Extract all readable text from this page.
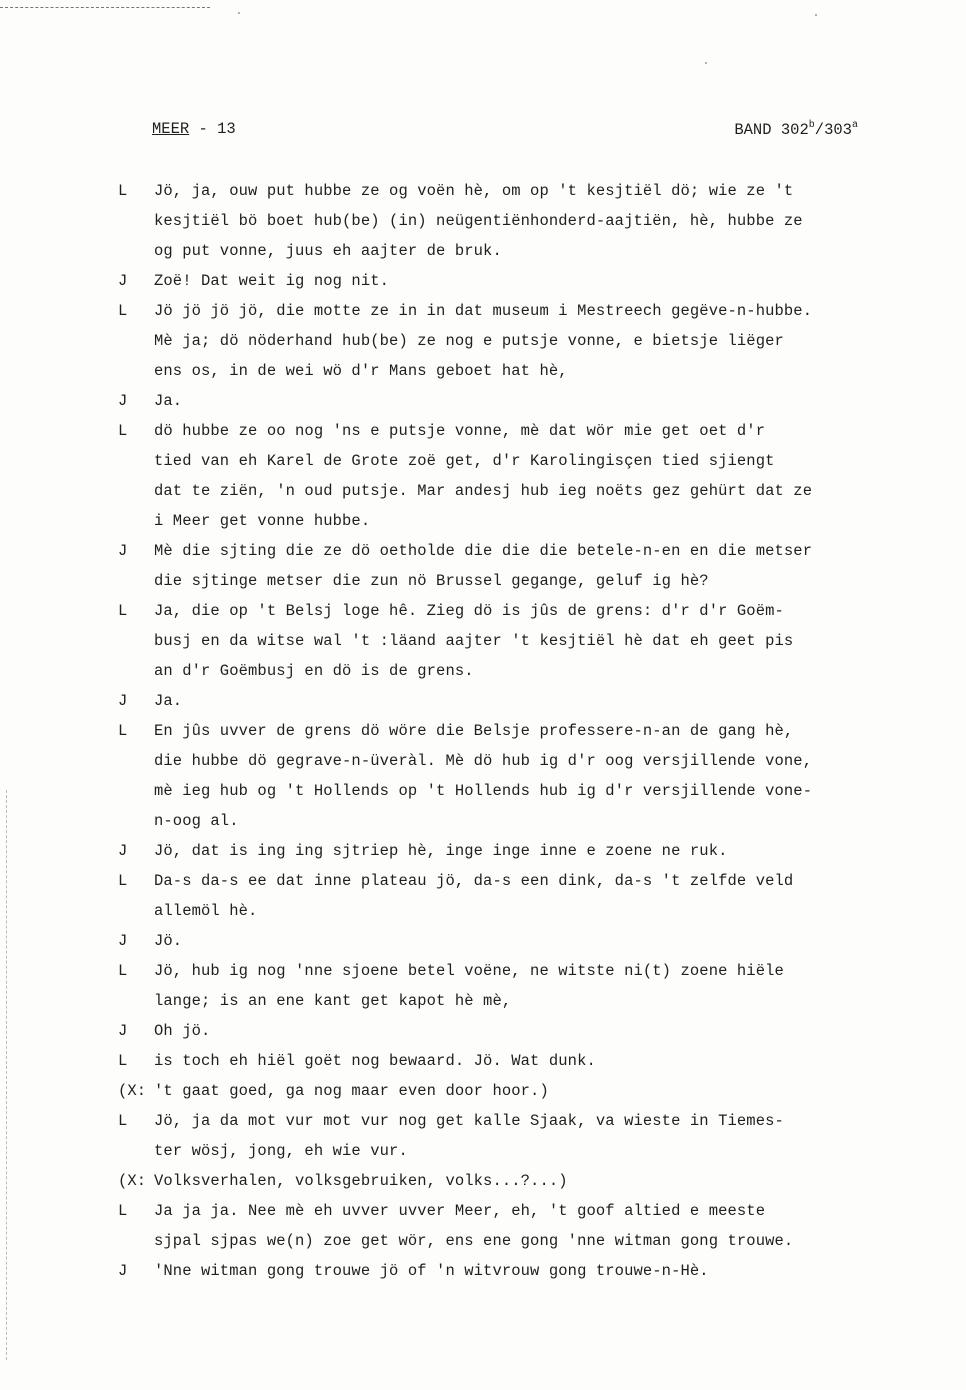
MEER - 13	BAND 302$^b$/303$^a$
L	Jö, ja, ouw put hubbe ze og voën hè, om op 't kesjtiël dö; wie ze 't
kesjtiël bö boet hub(be) (in) neügentiënhonderd-aajtiën, hè, hubbe ze
og put vonne, juus eh aajter de bruk.
J	Zoë! Dat weit ig nog nit.
L	Jö jö jö jö, die motte ze in in dat museum i Mestreech gegëve-n-hubbe.
Mè ja; dö nöderhand hub(be) ze nog e putsje vonne, e bietsje liëger
ens os, in de wei wö d'r Mans geboet hat hè,
J	Ja.
L	dö hubbe ze oo nog 'ns e putsje vonne, mè dat wör mie get oet d'r
tied van eh Karel de Grote zoë get, d'r Karolingisçen tied sjiengt
dat te ziën, 'n oud putsje. Mar andesj hub ieg noëts gez gehürt dat ze
i Meer get vonne hubbe.
J	Mè die sjting die ze dö oetholde die die die betele-n-en en die metser
die sjtinge metser die zun nö Brussel gegange, geluf ig hè?
L	Ja, die op 't Belsj loge hê. Zieg dö is jûs de grens: d'r d'r Goëm-
busj en da witse wal 't :läand aajter 't kesjtiël hè dat eh geet pis
an d'r Goëmbusj en dö is de grens.
J	Ja.
L	En jûs uvver de grens dö wöre die Belsje professere-n-an de gang hè,
die hubbe dö gegrave-n-üveràl. Mè dö hub ig d'r oog versjillende vone,
mè ieg hub og 't Hollends op 't Hollends hub ig d'r versjillende vone-
n-oog al.
J	Jö, dat is ing ing sjtriep hè, inge inge inne e zoene ne ruk.
L	Da-s da-s ee dat inne plateau jö, da-s een dink, da-s 't zelfde veld
allemöl hè.
J	Jö.
L	Jö, hub ig nog 'nne sjoene betel voëne, ne witste ni(t) zoene hiële
lange; is an ene kant get kapot hè mè,
J	Oh jö.
L	is toch eh hiël goët nog bewaard. Jö. Wat dunk.
(X: 't gaat goed, ga nog maar even door hoor.)
L	Jö, ja da mot vur mot vur nog get kalle Sjaak, va wieste in Tiemes-
ter wösj, jong, eh wie vur.
(X: Volksverhalen, volksgebruiken, volks...?...)
L	Ja ja ja. Nee mè eh uvver uvver Meer, eh, 't goof altied e meeste
sjpal sjpas we(n) zoe get wör, ens ene gong 'nne witman gong trouwe.
J	'Nne witman gong trouwe jö of 'n witvrouw gong trouwe-n-Hè.
